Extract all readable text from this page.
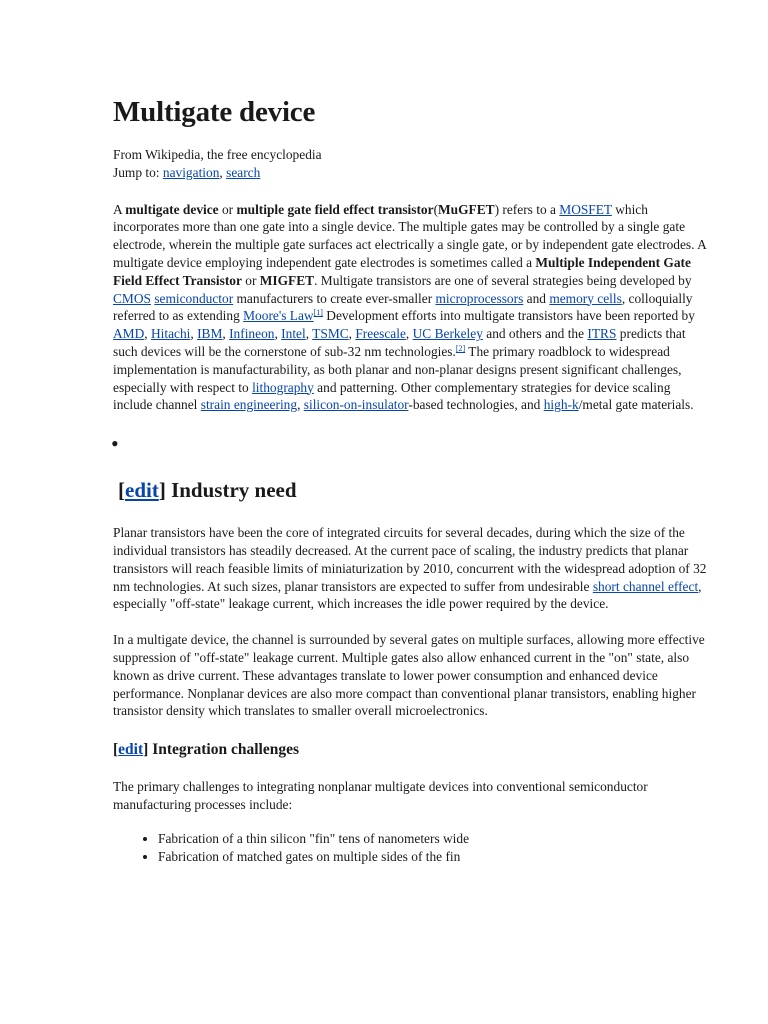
Multigate device
From Wikipedia, the free encyclopedia
Jump to: navigation, search

A multigate device or multiple gate field effect transistor(MuGFET) refers to a MOSFET which incorporates more than one gate into a single device. The multiple gates may be controlled by a single gate electrode, wherein the multiple gate surfaces act electrically a single gate, or by independent gate electrodes. A multigate device employing independent gate electrodes is sometimes called a Multiple Independent Gate Field Effect Transistor or MIGFET. Multigate transistors are one of several strategies being developed by CMOS semiconductor manufacturers to create ever-smaller microprocessors and memory cells, colloquially referred to as extending Moore's Law[1] Development efforts into multigate transistors have been reported by AMD, Hitachi, IBM, Infineon, Intel, TSMC, Freescale, UC Berkeley and others and the ITRS predicts that such devices will be the cornerstone of sub-32 nm technologies.[2] The primary roadblock to widespread implementation is manufacturability, as both planar and non-planar designs present significant challenges, especially with respect to lithography and patterning. Other complementary strategies for device scaling include channel strain engineering, silicon-on-insulator-based technologies, and high-k/metal gate materials.

•
[edit] Industry need

Planar transistors have been the core of integrated circuits for several decades, during which the size of the individual transistors has steadily decreased. At the current pace of scaling, the industry predicts that planar transistors will reach feasible limits of miniaturization by 2010, concurrent with the widespread adoption of 32 nm technologies. At such sizes, planar transistors are expected to suffer from undesirable short channel effect, especially "off-state" leakage current, which increases the idle power required by the device.

In a multigate device, the channel is surrounded by several gates on multiple surfaces, allowing more effective suppression of "off-state" leakage current. Multiple gates also allow enhanced current in the "on" state, also known as drive current. These advantages translate to lower power consumption and enhanced device performance. Nonplanar devices are also more compact than conventional planar transistors, enabling higher transistor density which translates to smaller overall microelectronics.

[edit] Integration challenges

The primary challenges to integrating nonplanar multigate devices into conventional semiconductor manufacturing processes include:

• Fabrication of a thin silicon "fin" tens of nanometers wide
• Fabrication of matched gates on multiple sides of the fin
